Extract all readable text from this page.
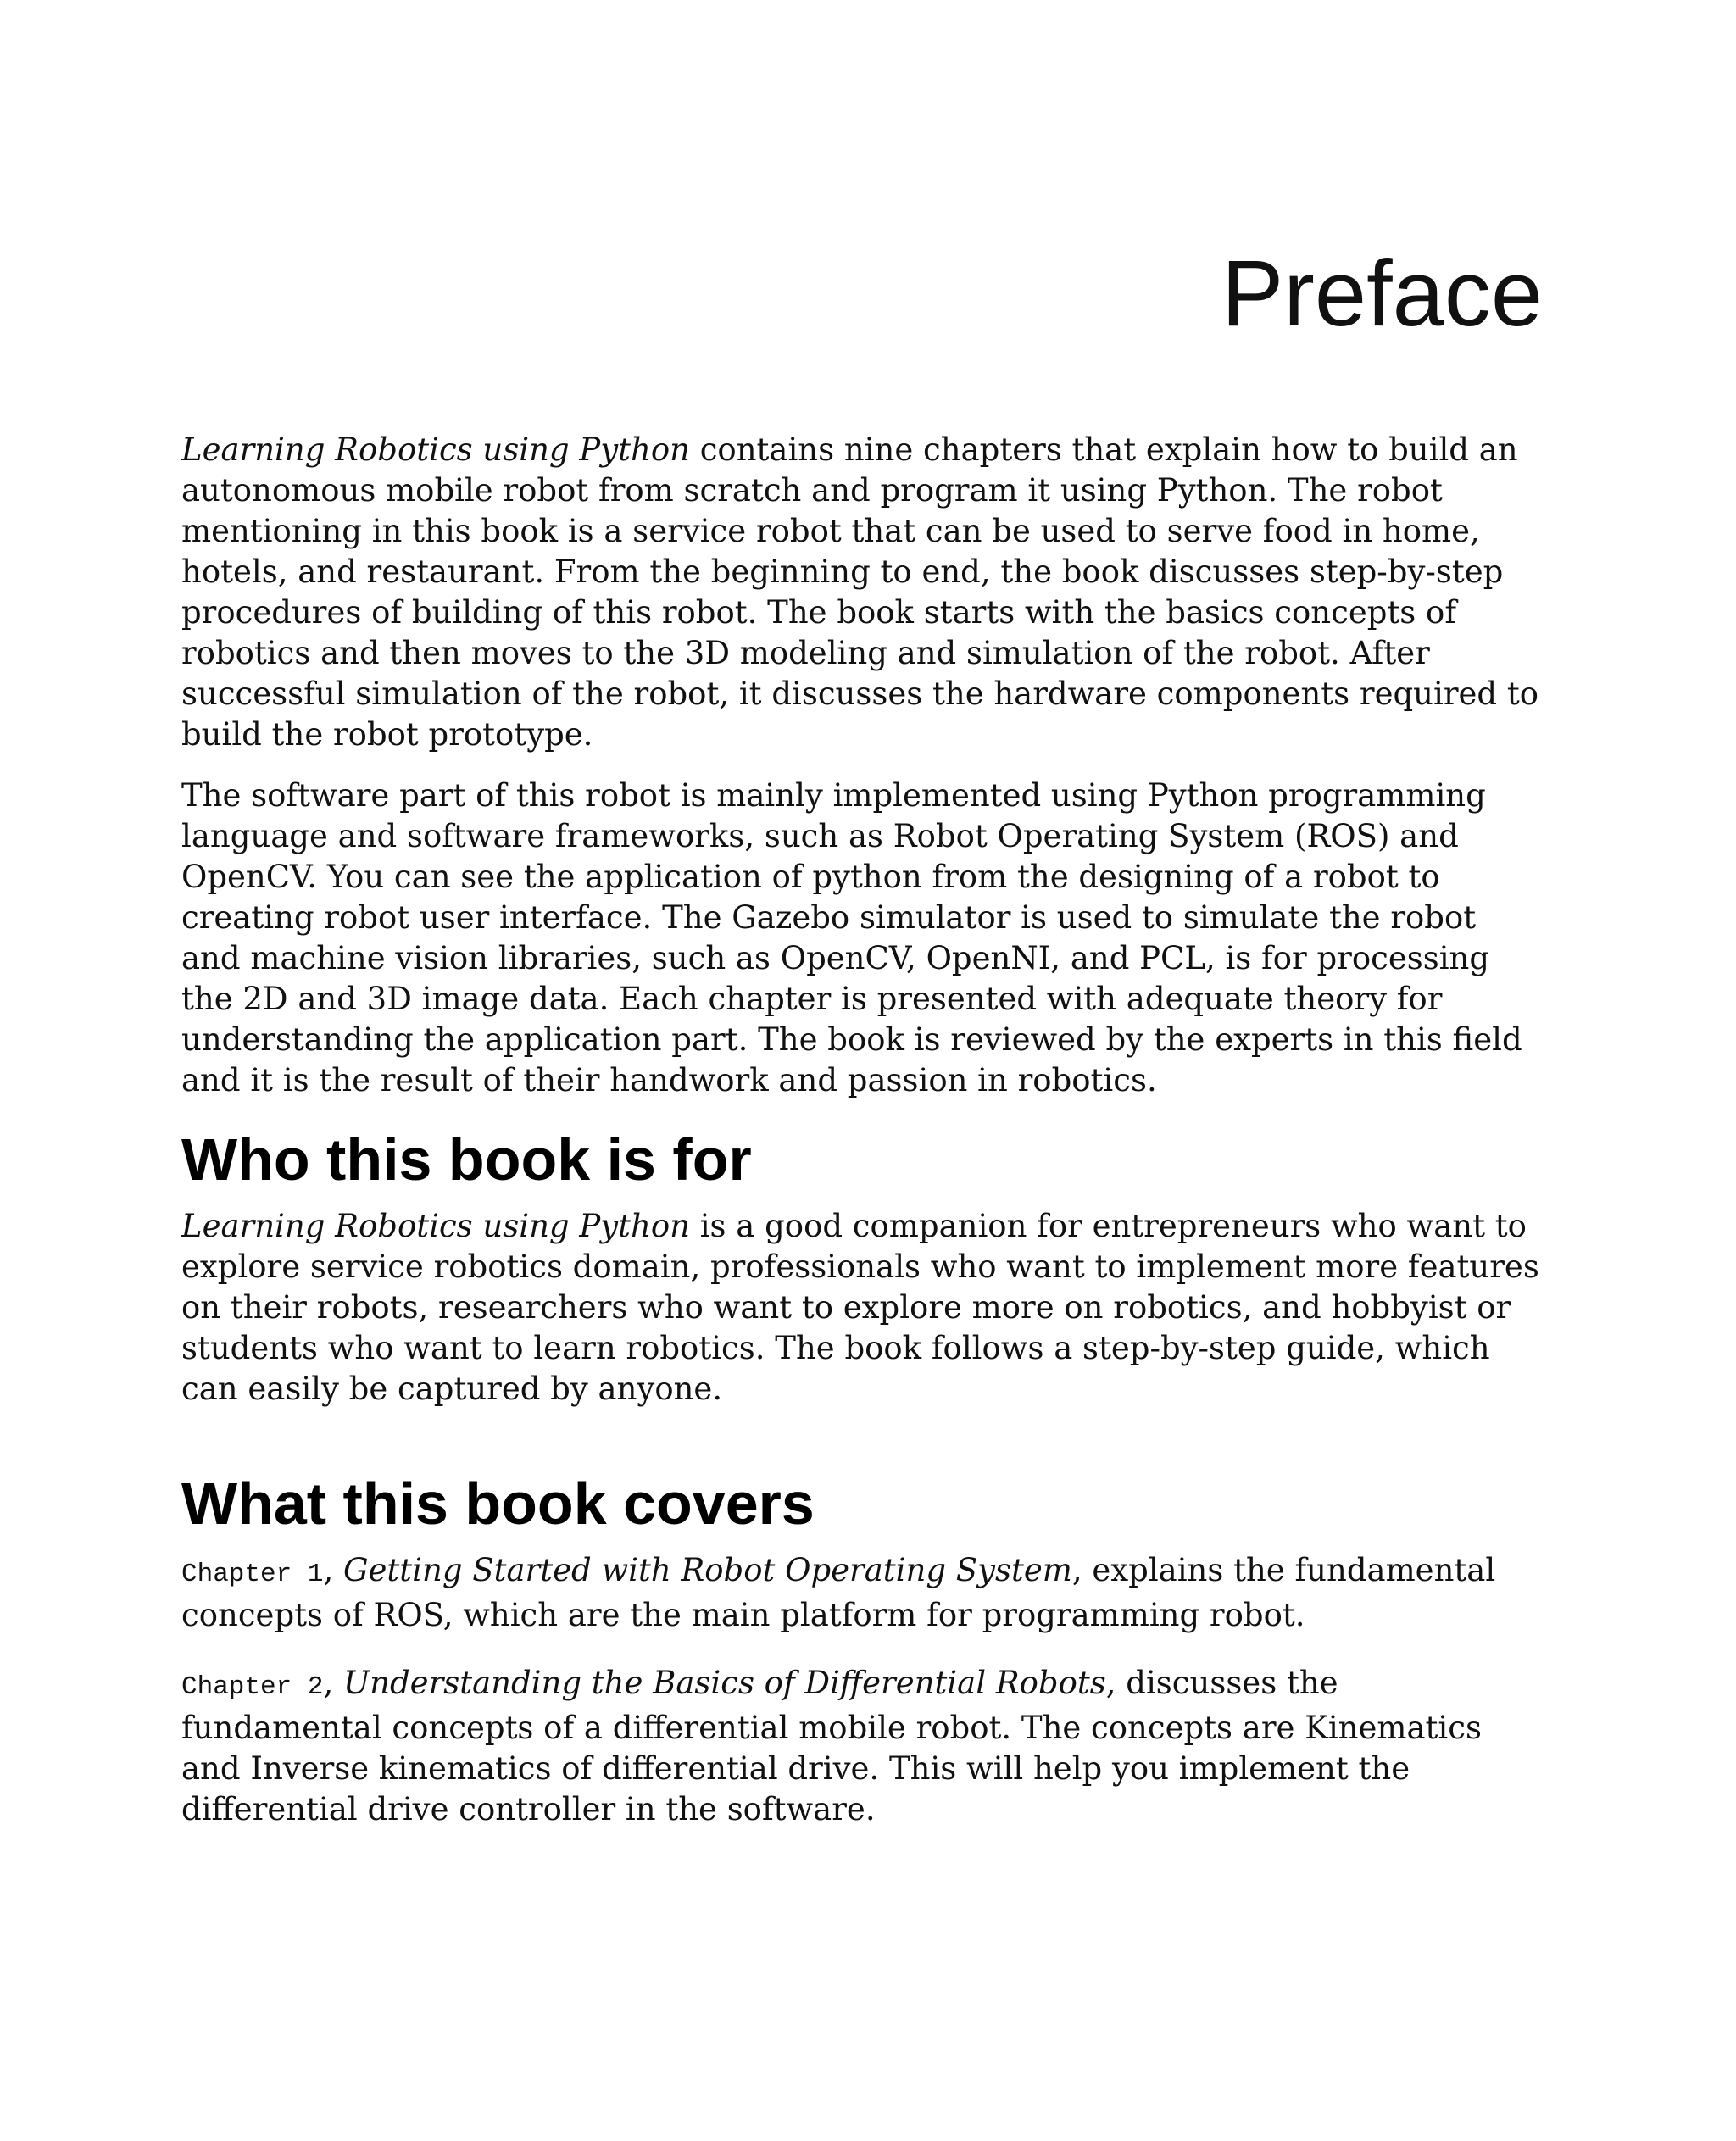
Preface

Learning Robotics using Python contains nine chapters that explain how to build an autonomous mobile robot from scratch and program it using Python. The robot mentioning in this book is a service robot that can be used to serve food in home, hotels, and restaurant. From the beginning to end, the book discusses step-by-step procedures of building of this robot. The book starts with the basics concepts of robotics and then moves to the 3D modeling and simulation of the robot. After successful simulation of the robot, it discusses the hardware components required to build the robot prototype.

The software part of this robot is mainly implemented using Python programming language and software frameworks, such as Robot Operating System (ROS) and OpenCV. You can see the application of python from the designing of a robot to creating robot user interface. The Gazebo simulator is used to simulate the robot and machine vision libraries, such as OpenCV, OpenNI, and PCL, is for processing the 2D and 3D image data. Each chapter is presented with adequate theory for understanding the application part. The book is reviewed by the experts in this field and it is the result of their handwork and passion in robotics.

Who this book is for

Learning Robotics using Python is a good companion for entrepreneurs who want to explore service robotics domain, professionals who want to implement more features on their robots, researchers who want to explore more on robotics, and hobbyist or students who want to learn robotics. The book follows a step-by-step guide, which can easily be captured by anyone.

What this book covers

Chapter 1, Getting Started with Robot Operating System, explains the fundamental concepts of ROS, which are the main platform for programming robot.

Chapter 2, Understanding the Basics of Differential Robots, discusses the fundamental concepts of a differential mobile robot. The concepts are Kinematics and Inverse kinematics of differential drive. This will help you implement the differential drive controller in the software.
